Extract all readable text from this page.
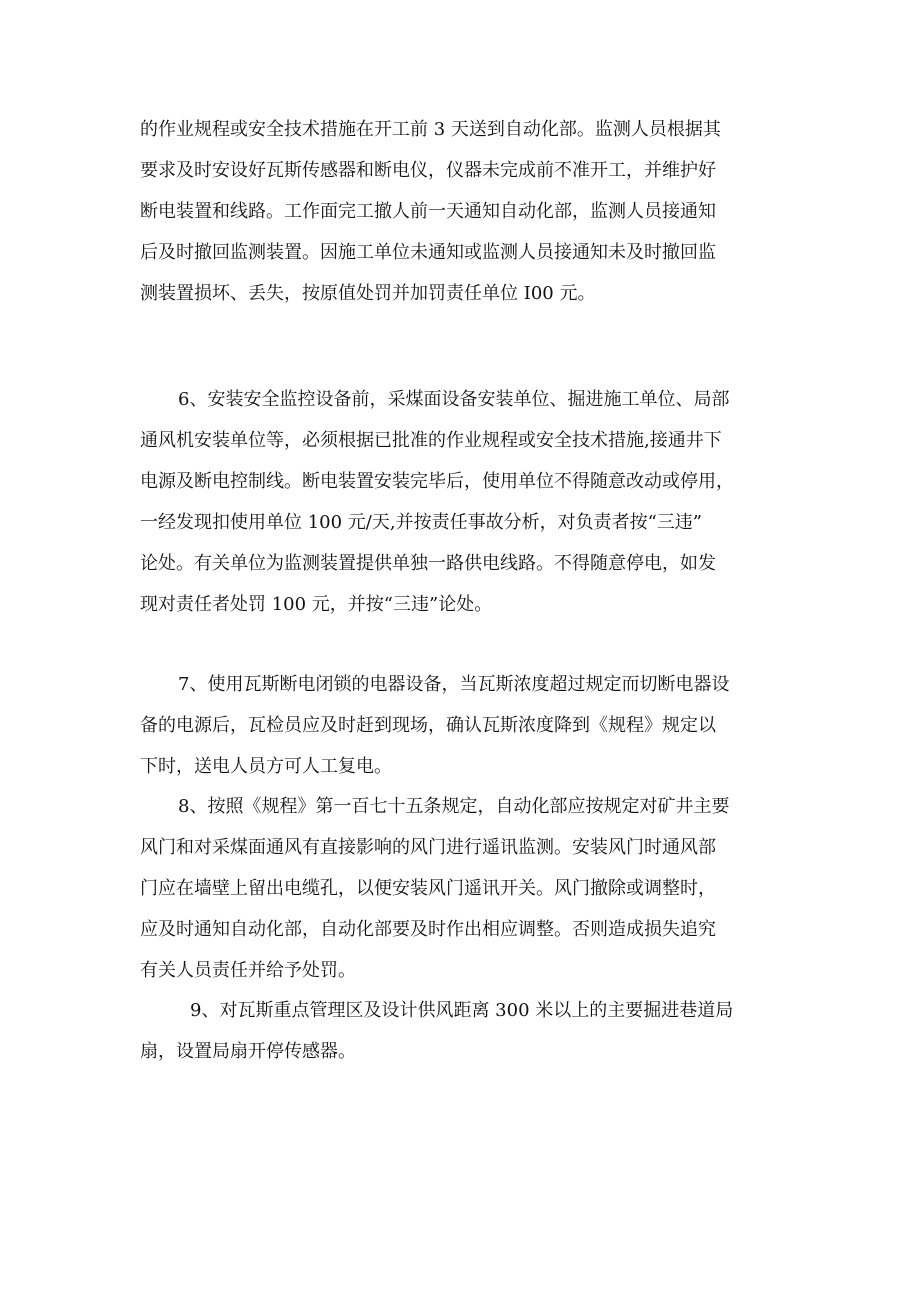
的作业规程或安全技术措施在开工前 3 天送到自动化部。监测人员根据其
要求及时安设好瓦斯传感器和断电仪，仪器未完成前不准开工，并维护好
断电装置和线路。工作面完工撤人前一天通知自动化部，监测人员接通知
后及时撤回监测装置。因施工单位未通知或监测人员接通知未及时撤回监
测装置损坏、丢失，按原值处罚并加罚责任单位 I00 元。
6、安装安全监控设备前，采煤面设备安装单位、掘进施工单位、局部
通风机安装单位等，必须根据已批准的作业规程或安全技术措施,接通井下
电源及断电控制线。断电装置安装完毕后，使用单位不得随意改动或停用，
一经发现扣使用单位 100 元/天,并按责任事故分析，对负责者按“三违”
论处。有关单位为监测装置提供单独一路供电线路。不得随意停电，如发
现对责任者处罚 100 元，并按“三违”论处。
7、使用瓦斯断电闭锁的电器设备，当瓦斯浓度超过规定而切断电器设
备的电源后，瓦检员应及时赶到现场，确认瓦斯浓度降到《规程》规定以
下时，送电人员方可人工复电。
8、按照《规程》第一百七十五条规定，自动化部应按规定对矿井主要
风门和对采煤面通风有直接影响的风门进行遥讯监测。安装风门时通风部
门应在墙壁上留出电缆孔，以便安装风门遥讯开关。风门撤除或调整时，
应及时通知自动化部，自动化部要及时作出相应调整。否则造成损失追究
有关人员责任并给予处罚。
9、对瓦斯重点管理区及设计供风距离 300 米以上的主要掘进巷道局
扇，设置局扇开停传感器。
